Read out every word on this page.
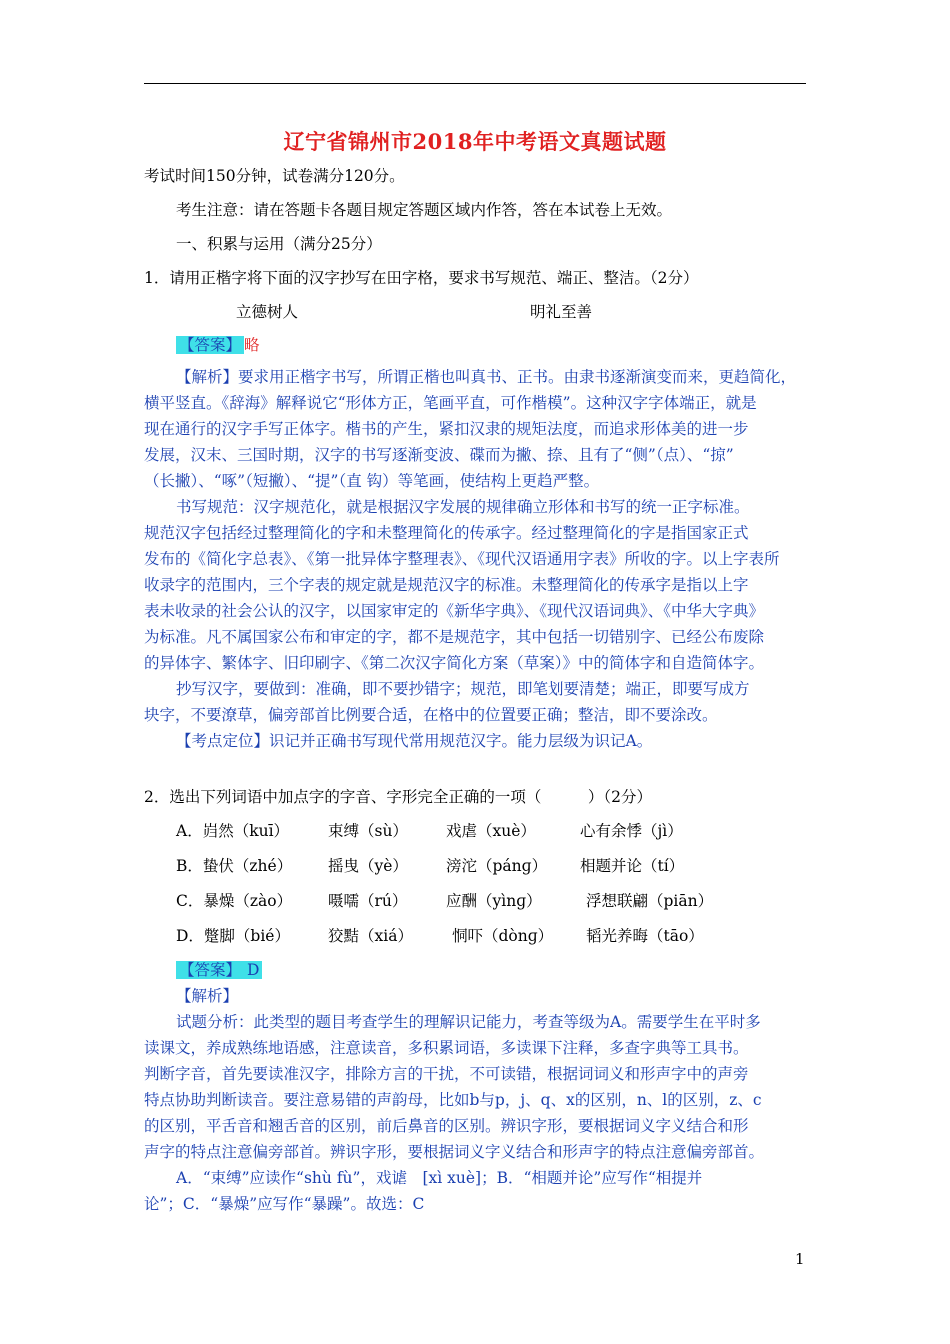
辽宁省锦州市2018年中考语文真题试题
考试时间150分钟，试卷满分120分。
考生注意：请在答题卡各题目规定答题区域内作答，答在本试卷上无效。
一、积累与运用（满分25分）
1．请用正楷字将下面的汉字抄写在田字格，要求书写规范、端正、整洁。（2分）
立德树人	明礼至善
【答案】 略
【解析】要求用正楷字书写，所谓正楷也叫真书、正书。由隶书逐渐演变而来，更趋简化，
横平竖直。《辞海》解释说它“形体方正，笔画平直，可作楷模”。这种汉字字体端正，就是
现在通行的汉字手写正体字。楷书的产生，紧扣汉隶的规矩法度，而追求形体美的进一步
发展，汉末、三国时期，汉字的书写逐渐变波、碟而为撇、捺、且有了“侧”（点）、“掠”
（长撇）、“啄”（短撇）、“提”（直 钩）等笔画，使结构上更趋严整。
书写规范：汉字规范化，就是根据汉字发展的规律确立形体和书写的统一正字标准。
规范汉字包括经过整理简化的字和未整理简化的传承字。经过整理简化的字是指国家正式
发布的《简化字总表》、《第一批异体字整理表》、《现代汉语通用字表》所收的字。以上字表所
收录字的范围内，三个字表的规定就是规范汉字的标准。未整理简化的传承字是指以上字
表未收录的社会公认的汉字，以国家审定的《新华字典》、《现代汉语词典》、《中华大字典》
为标准。凡不属国家公布和审定的字，都不是规范字，其中包括一切错别字、已经公布废除
的异体字、繁体字、旧印刷字、《第二次汉字简化方案（草案）》中的简体字和自造简体字。
抄写汉字，要做到：准确，即不要抄错字；规范，即笔划要清楚；端正，即要写成方
块字，不要潦草，偏旁部首比例要合适，在格中的位置要正确；整洁，即不要涂改。
【考点定位】识记并正确书写现代常用规范汉字。能力层级为识记A。
2．选出下列词语中加点字的字音、字形完全正确的一项（　　　）（2分）
A．岿然（kuī）	束缚（sù） 戏虐（xuè）	心有余悸（jì）
B．蛰伏（zhé） 摇曳（yè） 滂沱（pánɡ） 相题并论（tí）
C．暴燥（zào） 嗫嚅（rú） 应酬（yìnɡ）	浮想联翩（piān）
D．蹩脚（bié） 狡黠（xiá）	恫吓（dònɡ） 韬光养晦（tāo）
【答案】 D
【解析】
试题分析：此类型的题目考查学生的理解识记能力，考查等级为A。需要学生在平时多
读课文，养成熟练地语感，注意读音，多积累词语，多读课下注释，多查字典等工具书。
判断字音，首先要读准汉字，排除方言的干扰，不可读错，根据词词义和形声字中的声旁
特点协助判断读音。要注意易错的声韵母，比如b与p，j、q、x的区别，n、l的区别，z、c
的区别，平舌音和翘舌音的区别，前后鼻音的区别。辨识字形，要根据词义字义结合和形
声字的特点注意偏旁部首。辨识字形，要根据词义字义结合和形声字的特点注意偏旁部首。
A．“束缚”应读作“shù fù”，戏谑　[xì xuè]；B．“相题并论”应写作“相提并
论”；C．“暴燥”应写作“暴躁”。故选：C
1
